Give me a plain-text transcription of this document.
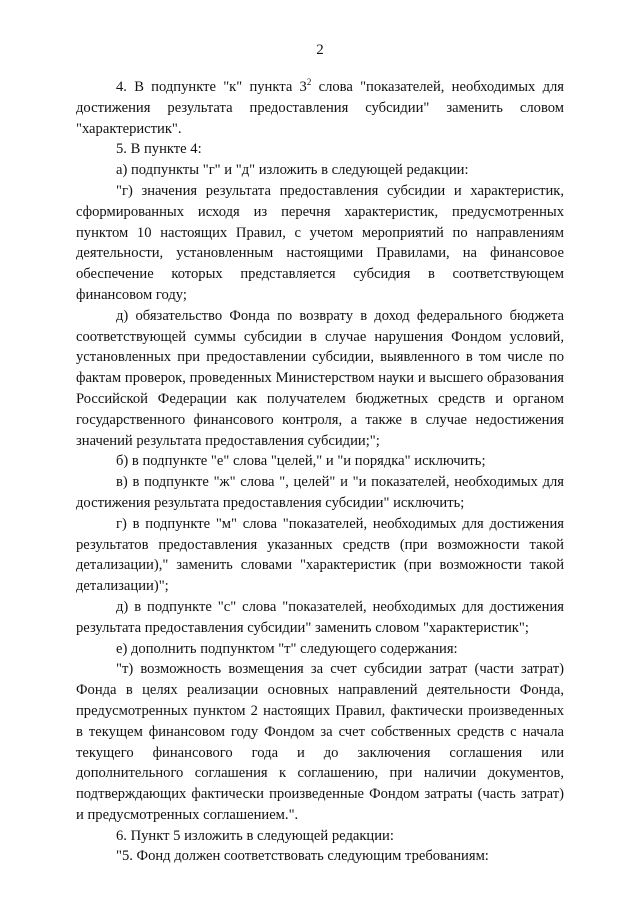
2

4. В подпункте "к" пункта $3^2$ слова "показателей, необходимых для достижения результата предоставления субсидии" заменить словом "характеристик".

5. В пункте 4:

а) подпункты "г" и "д" изложить в следующей редакции:

"г) значения результата предоставления субсидии и характеристик, сформированных исходя из перечня характеристик, предусмотренных пунктом 10 настоящих Правил, с учетом мероприятий по направлениям деятельности, установленным настоящими Правилами, на финансовое обеспечение которых представляется субсидия в соответствующем финансовом году;

д) обязательство Фонда по возврату в доход федерального бюджета соответствующей суммы субсидии в случае нарушения Фондом условий, установленных при предоставлении субсидии, выявленного в том числе по фактам проверок, проведенных Министерством науки и высшего образования Российской Федерации как получателем бюджетных средств и органом государственного финансового контроля, а также в случае недостижения значений результата предоставления субсидии;";

б) в подпункте "е" слова "целей," и "и порядка" исключить;

в) в подпункте "ж" слова ", целей" и "и показателей, необходимых для достижения результата предоставления субсидии" исключить;

г) в подпункте "м" слова "показателей, необходимых для достижения результатов предоставления указанных средств (при возможности такой детализации)," заменить словами "характеристик (при возможности такой детализации)";

д) в подпункте "с" слова "показателей, необходимых для достижения результата предоставления субсидии" заменить словом "характеристик";

е) дополнить подпунктом "т" следующего содержания:

"т) возможность возмещения за счет субсидии затрат (части затрат) Фонда в целях реализации основных направлений деятельности Фонда, предусмотренных пунктом 2 настоящих Правил, фактически произведенных в текущем финансовом году Фондом за счет собственных средств с начала текущего финансового года и до заключения соглашения или дополнительного соглашения к соглашению, при наличии документов, подтверждающих фактически произведенные Фондом затраты (часть затрат) и предусмотренных соглашением.".

6. Пункт 5 изложить в следующей редакции:

"5. Фонд должен соответствовать следующим требованиям:
